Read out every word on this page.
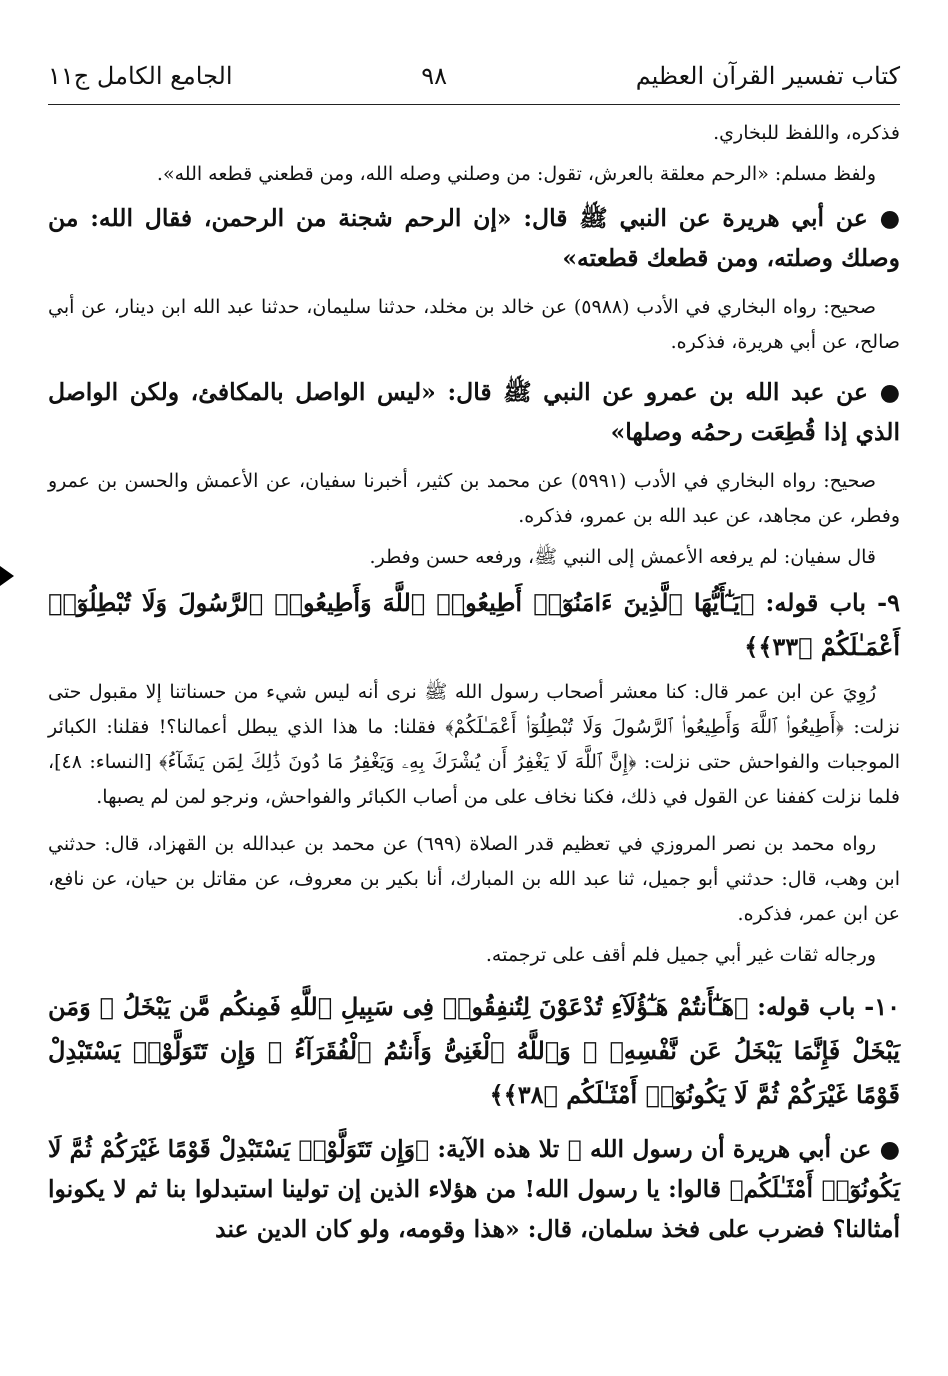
كتاب تفسير القرآن العظيم
٩٨
الجامع الكامل ج١١

فذكره، واللفظ للبخاري.

ولفظ مسلم: «الرحم معلقة بالعرش، تقول: من وصلني وصله الله، ومن قطعني قطعه الله».

● عن أبي هريرة عن النبي ﷺ قال: «إن الرحم شجنة من الرحمن، فقال الله: من وصلك وصلته، ومن قطعك قطعته»

صحيح: رواه البخاري في الأدب (٥٩٨٨) عن خالد بن مخلد، حدثنا سليمان، حدثنا عبد الله ابن دينار، عن أبي صالح، عن أبي هريرة، فذكره.

● عن عبد الله بن عمرو عن النبي ﷺ قال: «ليس الواصل بالمكافئ، ولكن الواصل الذي إذا قُطِعَت رحمُه وصلها»

صحيح: رواه البخاري في الأدب (٥٩٩١) عن محمد بن كثير، أخبرنا سفيان، عن الأعمش والحسن بن عمرو وفطر، عن مجاهد، عن عبد الله بن عمرو، فذكره.

قال سفيان: لم يرفعه الأعمش إلى النبي ﷺ، ورفعه حسن وفطر.

٩- باب قوله: ﴿يَـٰٓأَيُّهَا ٱلَّذِينَ ءَامَنُوٓا۟ أَطِيعُوا۟ ٱللَّهَ وَأَطِيعُوا۟ ٱلرَّسُولَ وَلَا تُبْطِلُوٓا۟ أَعْمَـٰلَكُمْ ﴿٣٣﴾﴾

رُوِيَ عن ابن عمر قال: كنا معشر أصحاب رسول الله ﷺ نرى أنه ليس شيء من حسناتنا إلا مقبول حتى نزلت: ﴿أَطِيعُوا۟ ٱللَّهَ وَأَطِيعُوا۟ ٱلرَّسُولَ وَلَا تُبْطِلُوٓا۟ أَعْمَـٰلَكُمْ﴾ فقلنا: ما هذا الذي يبطل أعمالنا؟! فقلنا: الكبائر الموجبات والفواحش حتى نزلت: ﴿إِنَّ ٱللَّهَ لَا يَغْفِرُ أَن يُشْرَكَ بِهِۦ وَيَغْفِرُ مَا دُونَ ذَٰلِكَ لِمَن يَشَآءُ﴾ [النساء: ٤٨]، فلما نزلت كففنا عن القول في ذلك، فكنا نخاف على من أصاب الكبائر والفواحش، ونرجو لمن لم يصبها.

رواه محمد بن نصر المروزي في تعظيم قدر الصلاة (٦٩٩) عن محمد بن عبدالله بن القهزاد، قال: حدثني ابن وهب، قال: حدثني أبو جميل، ثنا عبد الله بن المبارك، أنا بكير بن معروف، عن مقاتل بن حيان، عن نافع، عن ابن عمر، فذكره.

ورجاله ثقات غير أبي جميل فلم أقف على ترجمته.

١٠- باب قوله: ﴿هَـٰٓأَنتُمْ هَـٰٓؤُلَآءِ تُدْعَوْنَ لِتُنفِقُوا۟ فِى سَبِيلِ ٱللَّهِ فَمِنكُم مَّن يَبْخَلُ ۖ وَمَن يَبْخَلْ فَإِنَّمَا يَبْخَلُ عَن نَّفْسِهِۦ ۚ وَٱللَّهُ ٱلْغَنِىُّ وَأَنتُمُ ٱلْفُقَرَآءُ ۚ وَإِن تَتَوَلَّوْا۟ يَسْتَبْدِلْ قَوْمًا غَيْرَكُمْ ثُمَّ لَا يَكُونُوٓا۟ أَمْثَـٰلَكُم ﴿٣٨﴾﴾

● عن أبي هريرة أن رسول الله ﷺ تلا هذه الآية: ﴿وَإِن تَتَوَلَّوْا۟ يَسْتَبْدِلْ قَوْمًا غَيْرَكُمْ ثُمَّ لَا يَكُونُوٓا۟ أَمْثَـٰلَكُم﴾ قالوا: يا رسول الله! من هؤلاء الذين إن تولينا استبدلوا بنا ثم لا يكونوا أمثالنا؟ فضرب على فخذ سلمان، قال: «هذا وقومه، ولو كان الدين عند
